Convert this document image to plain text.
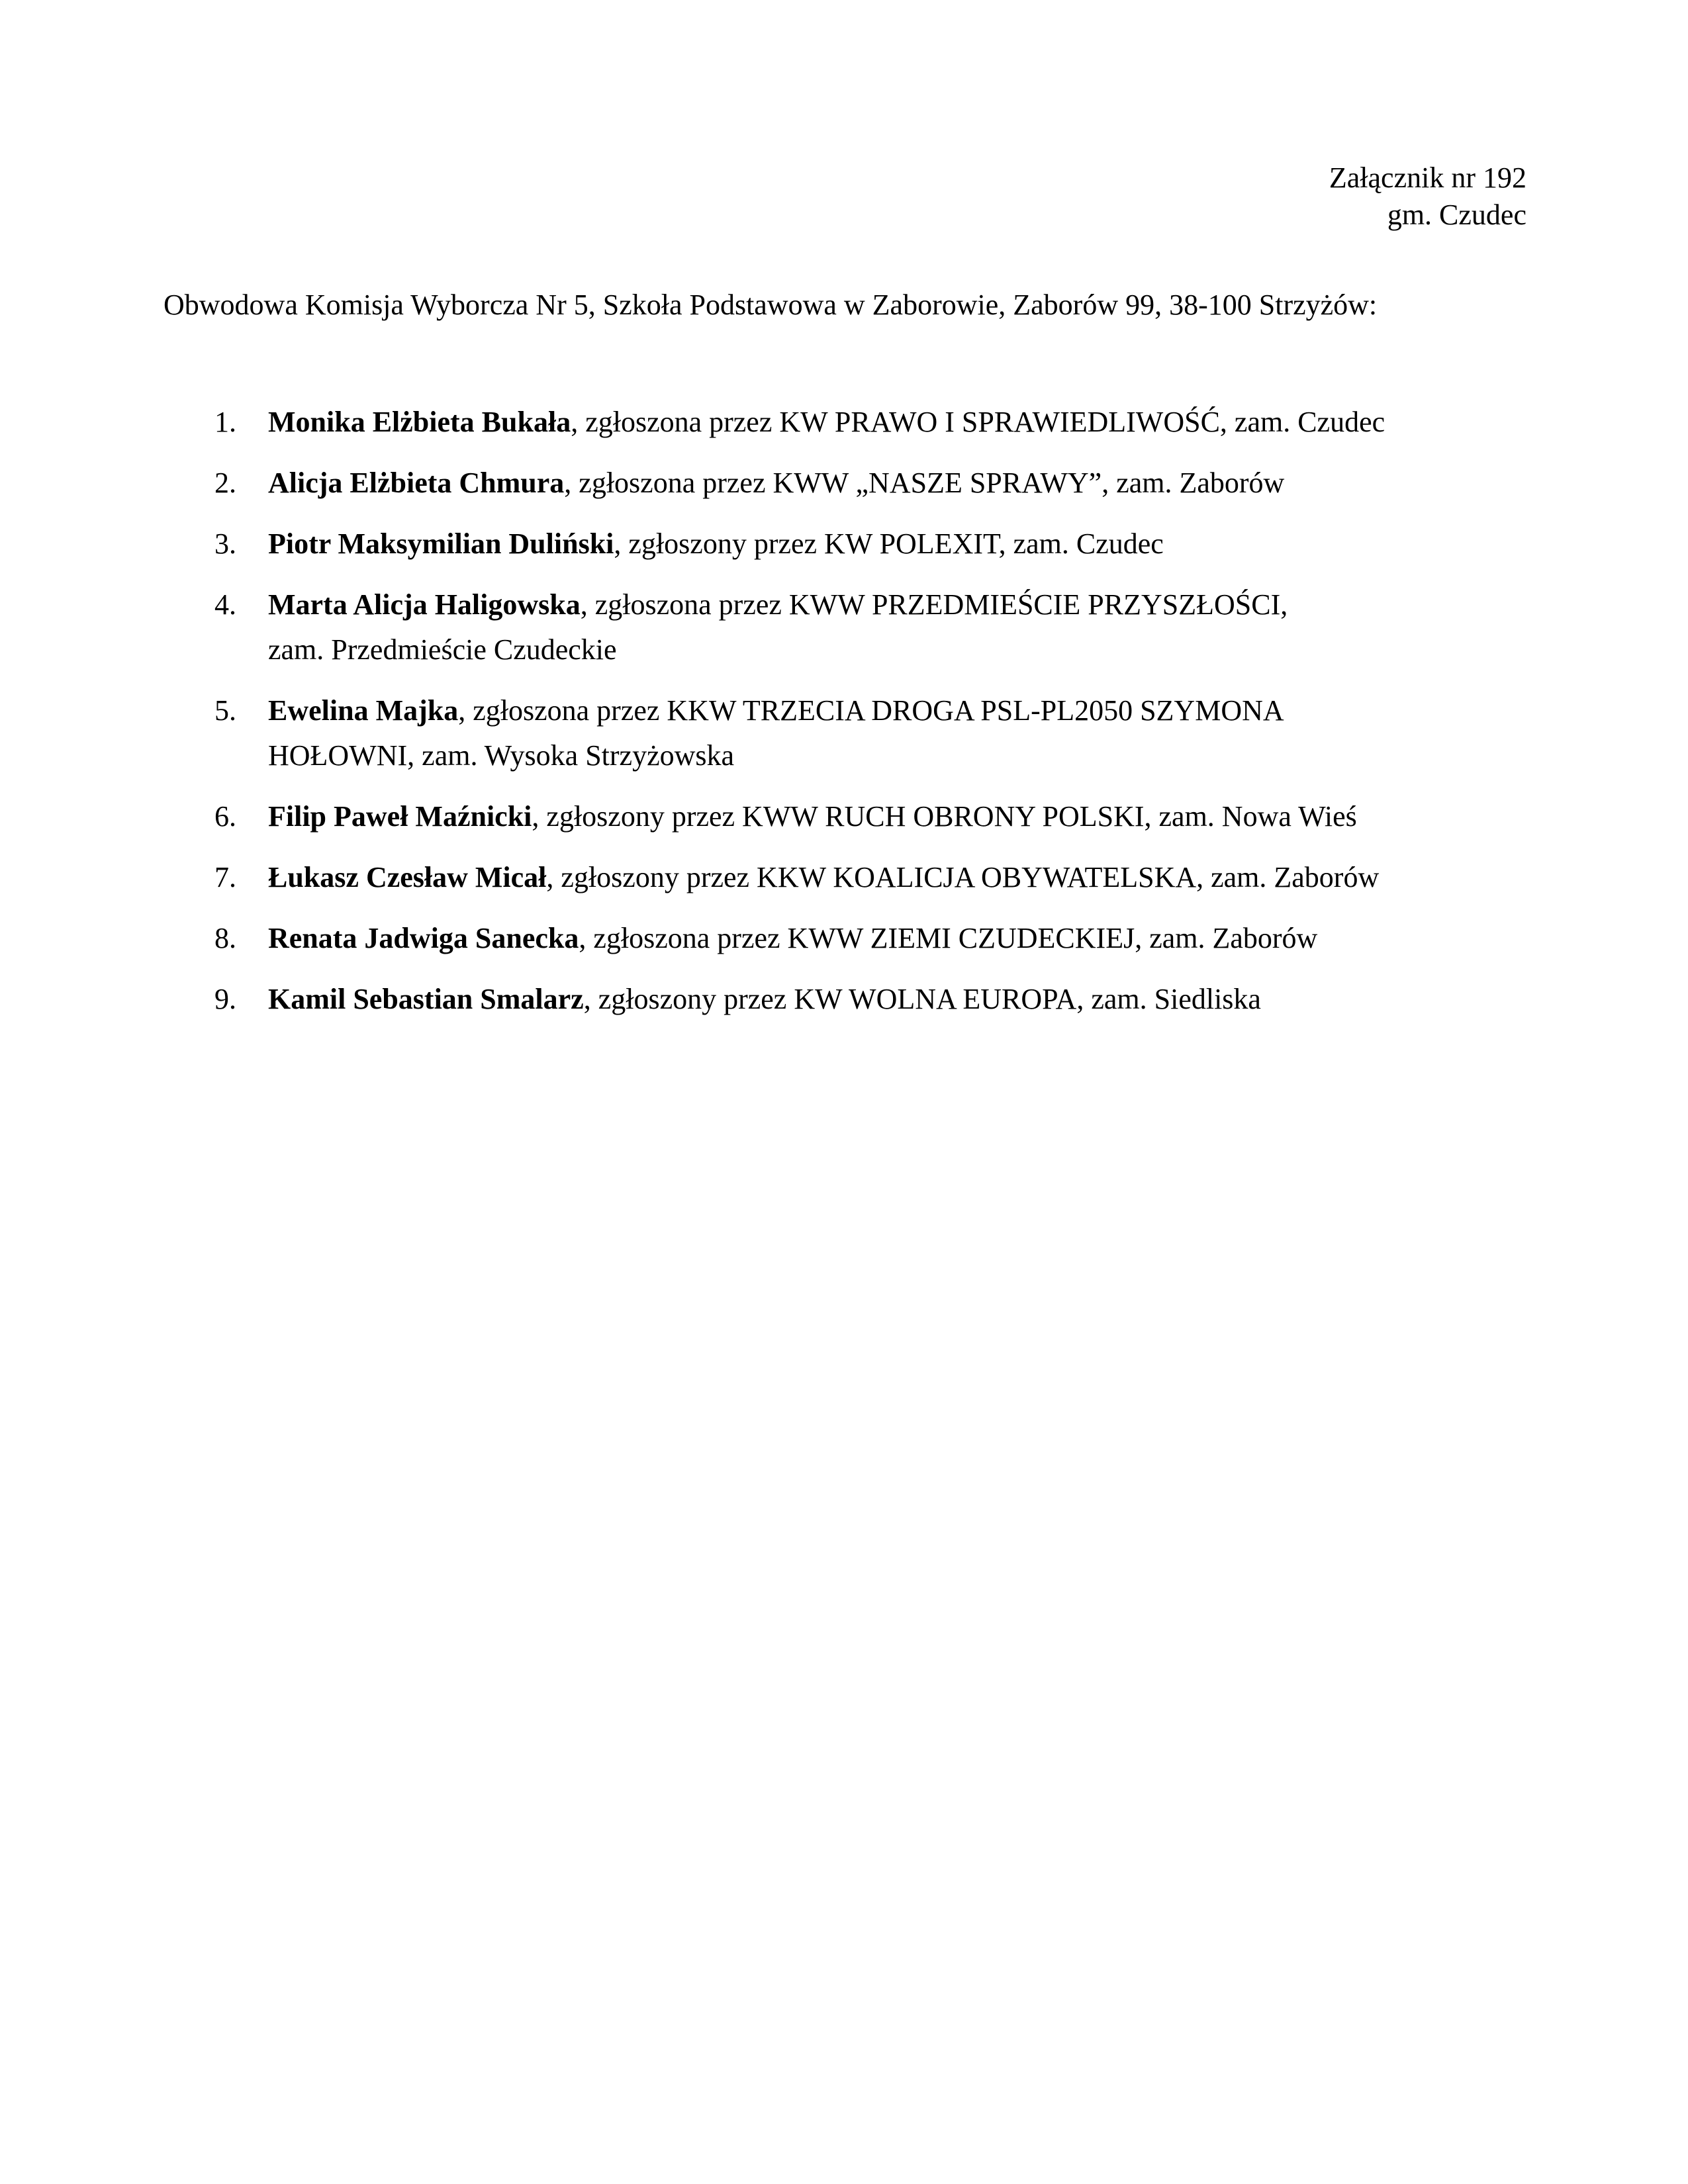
Załącznik nr 192
gm. Czudec
Obwodowa Komisja Wyborcza Nr 5, Szkoła Podstawowa w Zaborowie, Zaborów 99, 38-100 Strzyżów:
1. Monika Elżbieta Bukała, zgłoszona przez KW PRAWO I SPRAWIEDLIWOŚĆ, zam. Czudec
2. Alicja Elżbieta Chmura, zgłoszona przez KWW „NASZE SPRAWY”, zam. Zaborów
3. Piotr Maksymilian Duliński, zgłoszony przez KW POLEXIT, zam. Czudec
4. Marta Alicja Haligowska, zgłoszona przez KWW PRZEDMIEŚCIE PRZYSZŁOŚCI,
zam. Przedmieście Czudeckie
5. Ewelina Majka, zgłoszona przez KKW TRZECIA DROGA PSL-PL2050 SZYMONA
HOŁOWNI, zam. Wysoka Strzyżowska
6. Filip Paweł Maźnicki, zgłoszony przez KWW RUCH OBRONY POLSKI, zam. Nowa Wieś
7. Łukasz Czesław Micał, zgłoszony przez KKW KOALICJA OBYWATELSKA, zam. Zaborów
8. Renata Jadwiga Sanecka, zgłoszona przez KWW ZIEMI CZUDECKIEJ, zam. Zaborów
9. Kamil Sebastian Smalarz, zgłoszony przez KW WOLNA EUROPA, zam. Siedliska
